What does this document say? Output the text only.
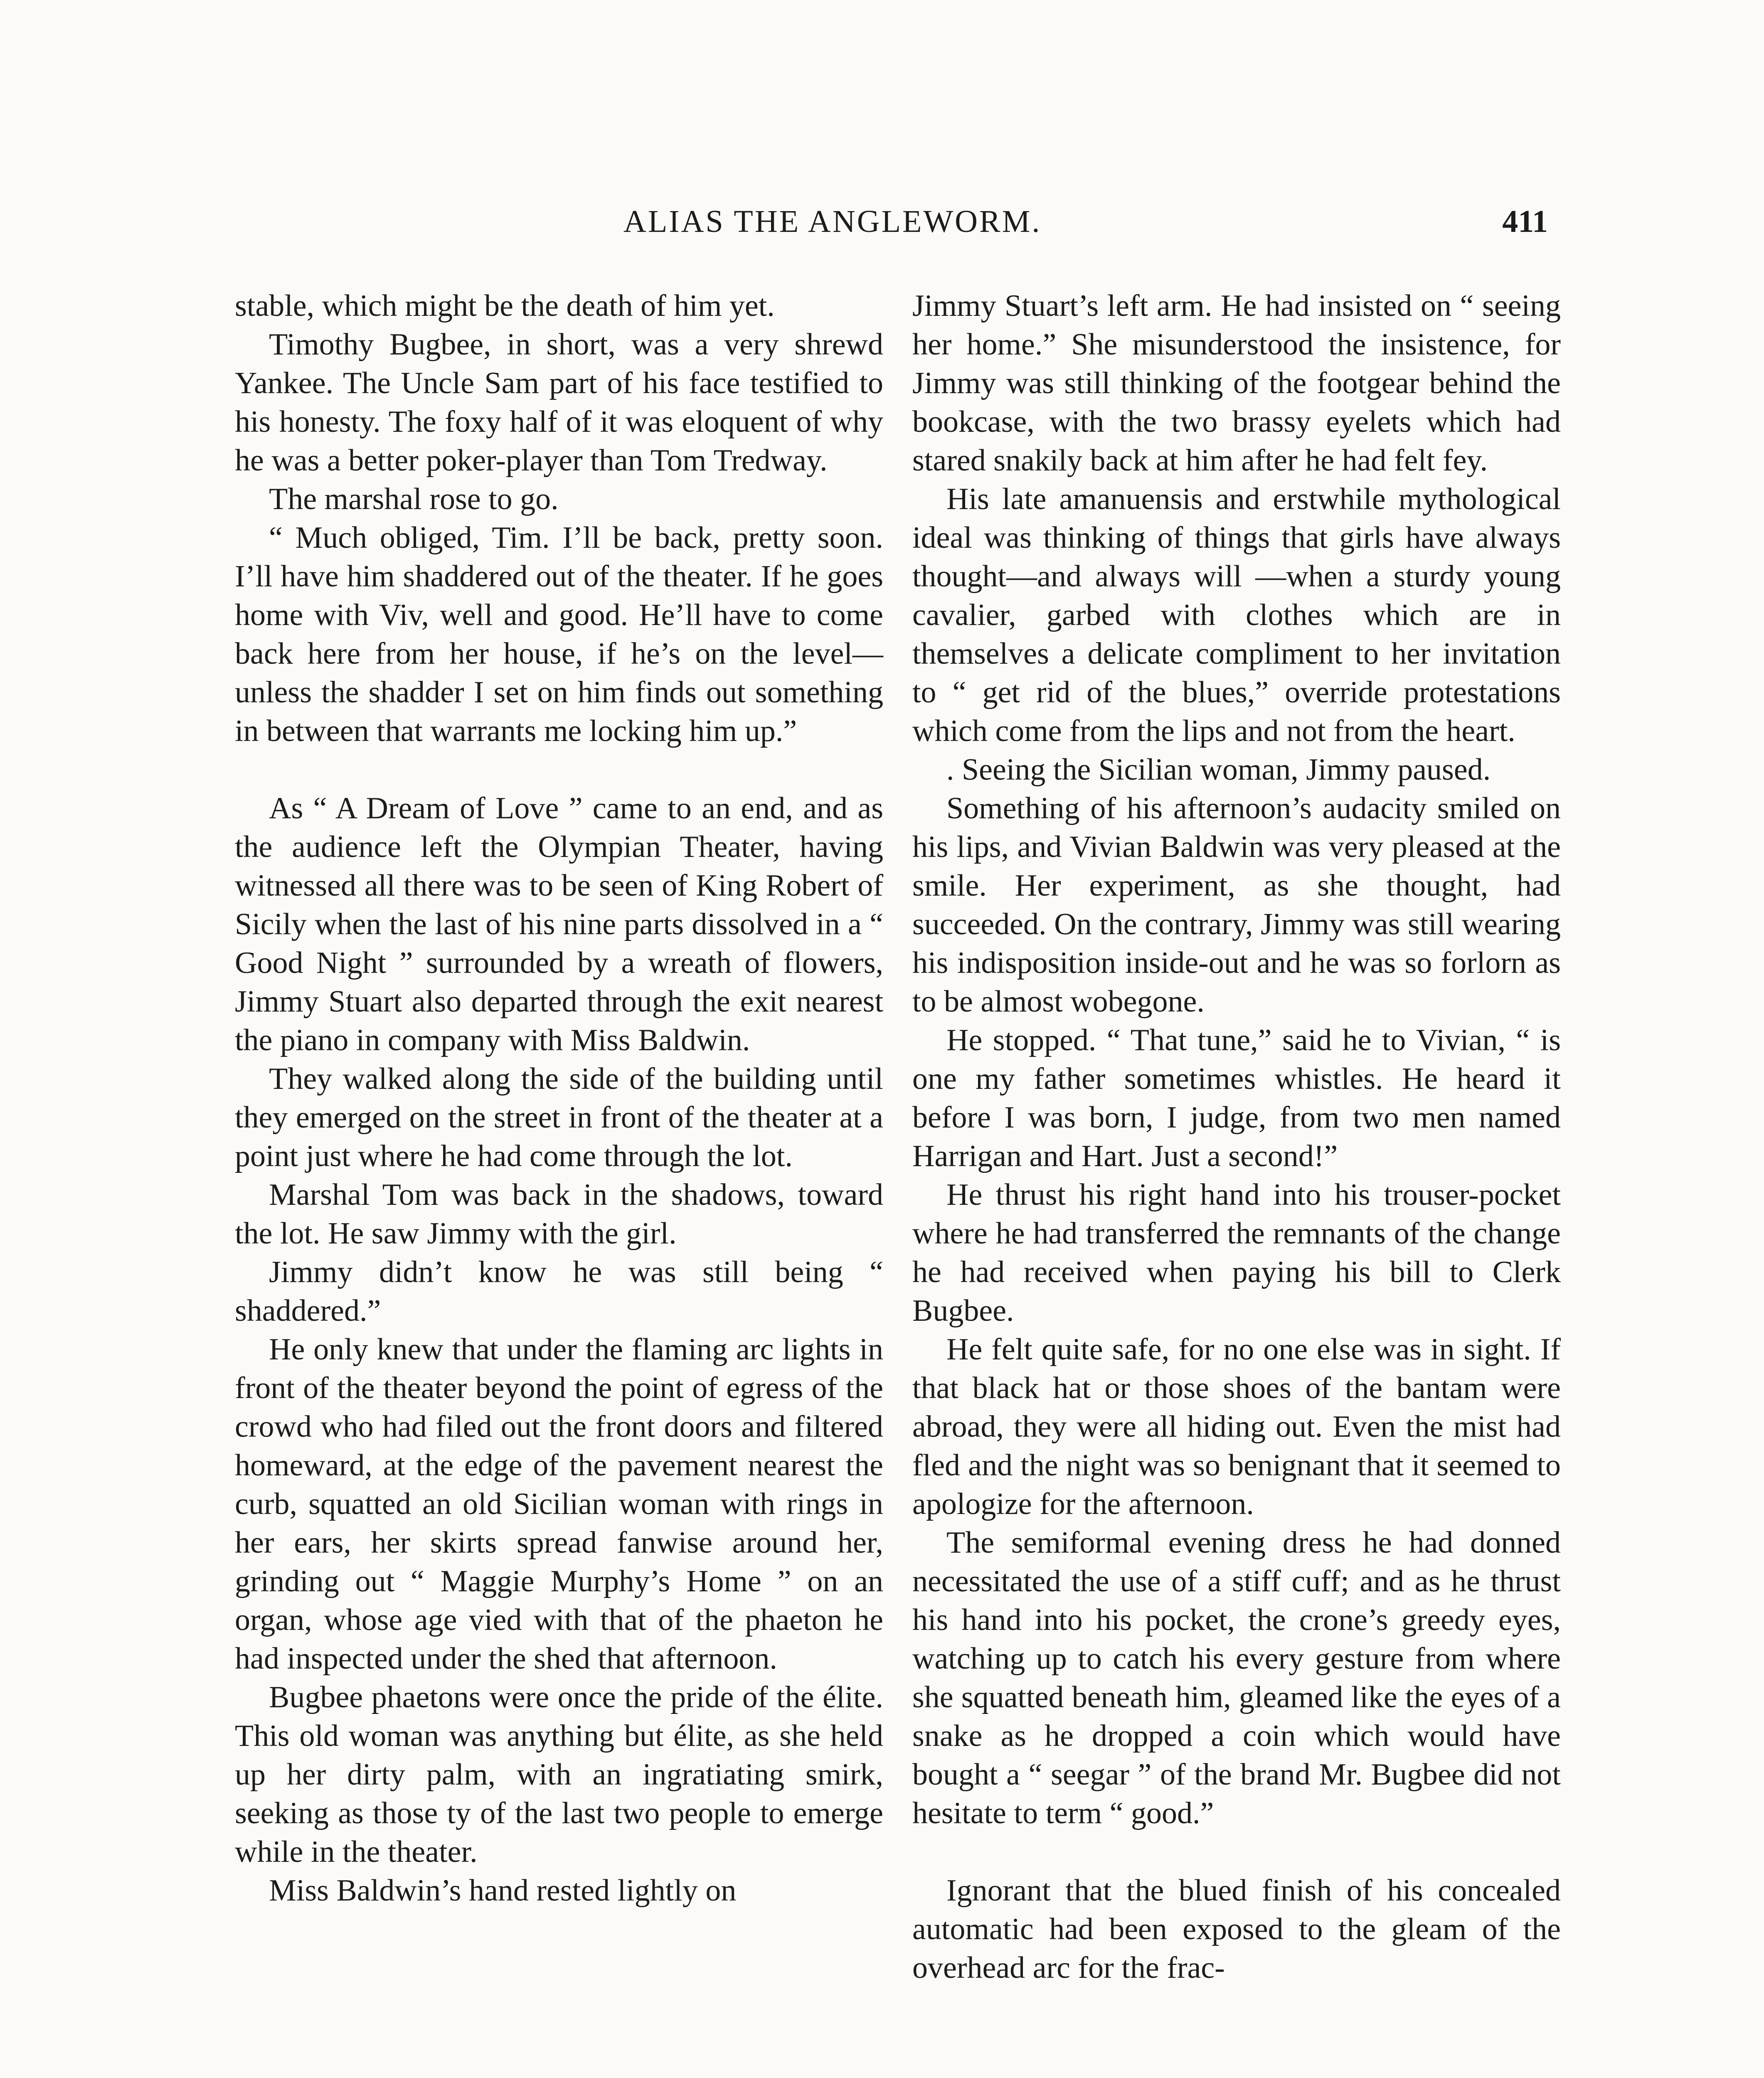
ALIAS THE ANGLEWORM.	411

stable, which might be the death of him yet.

Timothy Bugbee, in short, was a very shrewd Yankee. The Uncle Sam part of his face testified to his honesty. The foxy half of it was eloquent of why he was a better poker-player than Tom Tredway.

The marshal rose to go.

“ Much obliged, Tim. I’ll be back, pretty soon. I’ll have him shaddered out of the theater. If he goes home with Viv, well and good. He’ll have to come back here from her house, if he’s on the level—unless the shadder I set on him finds out something in between that warrants me locking him up.”

As “ A Dream of Love ” came to an end, and as the audience left the Olympian Theater, having witnessed all there was to be seen of King Robert of Sicily when the last of his nine parts dissolved in a “ Good Night ” surrounded by a wreath of flowers, Jimmy Stuart also departed through the exit nearest the piano in company with Miss Baldwin.

They walked along the side of the building until they emerged on the street in front of the theater at a point just where he had come through the lot.

Marshal Tom was back in the shadows, toward the lot. He saw Jimmy with the girl.

Jimmy didn’t know he was still being “ shaddered.”

He only knew that under the flaming arc lights in front of the theater beyond the point of egress of the crowd who had filed out the front doors and filtered homeward, at the edge of the pavement nearest the curb, squatted an old Sicilian woman with rings in her ears, her skirts spread fanwise around her, grinding out “ Maggie Murphy’s Home ” on an organ, whose age vied with that of the phaeton he had inspected under the shed that afternoon.

Bugbee phaetons were once the pride of the élite. This old woman was anything but élite, as she held up her dirty palm, with an ingratiating smirk, seeking as those ty of the last two people to emerge while in the theater.

Miss Baldwin’s hand rested lightly on

Jimmy Stuart’s left arm. He had insisted on “ seeing her home.” She misunderstood the insistence, for Jimmy was still thinking of the footgear behind the bookcase, with the two brassy eyelets which had stared snakily back at him after he had felt fey.

His late amanuensis and erstwhile mythological ideal was thinking of things that girls have always thought—and always will —when a sturdy young cavalier, garbed with clothes which are in themselves a delicate compliment to her invitation to “ get rid of the blues,” override protestations which come from the lips and not from the heart.

. Seeing the Sicilian woman, Jimmy paused.

Something of his afternoon’s audacity smiled on his lips, and Vivian Baldwin was very pleased at the smile. Her experiment, as she thought, had succeeded. On the contrary, Jimmy was still wearing his indisposition inside-out and he was so forlorn as to be almost wobegone.

He stopped. “ That tune,” said he to Vivian, “ is one my father sometimes whistles. He heard it before I was born, I judge, from two men named Harrigan and Hart. Just a second!”

He thrust his right hand into his trouser-pocket where he had transferred the remnants of the change he had received when paying his bill to Clerk Bugbee.

He felt quite safe, for no one else was in sight. If that black hat or those shoes of the bantam were abroad, they were all hiding out. Even the mist had fled and the night was so benignant that it seemed to apologize for the afternoon.

The semiformal evening dress he had donned necessitated the use of a stiff cuff; and as he thrust his hand into his pocket, the crone’s greedy eyes, watching up to catch his every gesture from where she squatted beneath him, gleamed like the eyes of a snake as he dropped a coin which would have bought a “ seegar ” of the brand Mr. Bugbee did not hesitate to term “ good.”

Ignorant that the blued finish of his concealed automatic had been exposed to the gleam of the overhead arc for the frac-
